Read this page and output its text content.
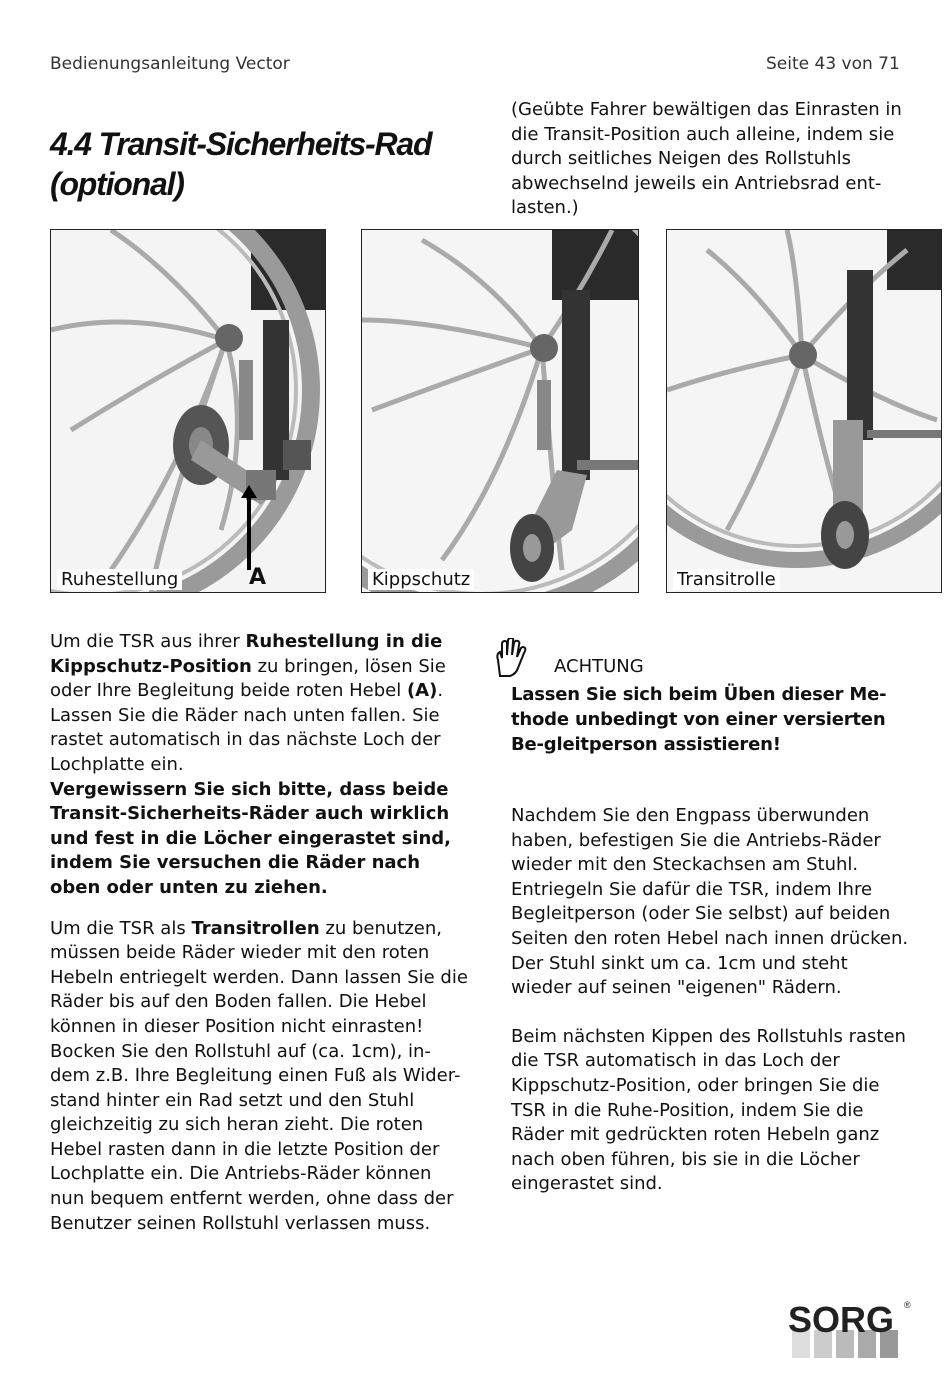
Bedienungsanleitung Vector	Seite 43 von 71
4.4 Transit-Sicherheits-Rad
(optional)

(Geübte Fahrer bewältigen das Einrasten in die Transit-Position auch alleine, indem sie durch seitliches Neigen des Rollstuhls abwechselnd jeweils ein Antriebsrad ent-lasten.)

Ruhestellung	A	Kippschutz	Transitrolle

Um die TSR aus ihrer Ruhestellung in die Kippschutz-Position zu bringen, lösen Sie oder Ihre Begleitung beide roten Hebel (A). Lassen Sie die Räder nach unten fallen. Sie rastet automatisch in das nächste Loch der Lochplatte ein.

Vergewissern Sie sich bitte, dass beide Transit-Sicherheits-Räder auch wirklich und fest in die Löcher eingerastet sind, indem Sie versuchen die Räder nach oben oder unten zu ziehen.

Um die TSR als Transitrollen zu benutzen, müssen beide Räder wieder mit den roten Hebeln entriegelt werden. Dann lassen Sie die Räder bis auf den Boden fallen. Die Hebel können in dieser Position nicht einrasten! Bocken Sie den Rollstuhl auf (ca. 1cm), in-dem z.B. Ihre Begleitung einen Fuß als Wider-stand hinter ein Rad setzt und den Stuhl gleichzeitig zu sich heran zieht. Die roten Hebel rasten dann in die letzte Position der Lochplatte ein. Die Antriebs-Räder können nun bequem entfernt werden, ohne dass der Benutzer seinen Rollstuhl verlassen muss.

ACHTUNG

Lassen Sie sich beim Üben dieser Me-thode unbedingt von einer versierten Be-gleitperson assistieren!

Nachdem Sie den Engpass überwunden haben, befestigen Sie die Antriebs-Räder wieder mit den Steckachsen am Stuhl. Entriegeln Sie dafür die TSR, indem Ihre Begleitperson (oder Sie selbst) auf beiden Seiten den roten Hebel nach innen drücken. Der Stuhl sinkt um ca. 1cm und steht wieder auf seinen "eigenen" Rädern.

Beim nächsten Kippen des Rollstuhls rasten die TSR automatisch in das Loch der Kippschutz-Position, oder bringen Sie die TSR in die Ruhe-Position, indem Sie die Räder mit gedrückten roten Hebeln ganz nach oben führen, bis sie in die Löcher eingerastet sind.

SORG ®
